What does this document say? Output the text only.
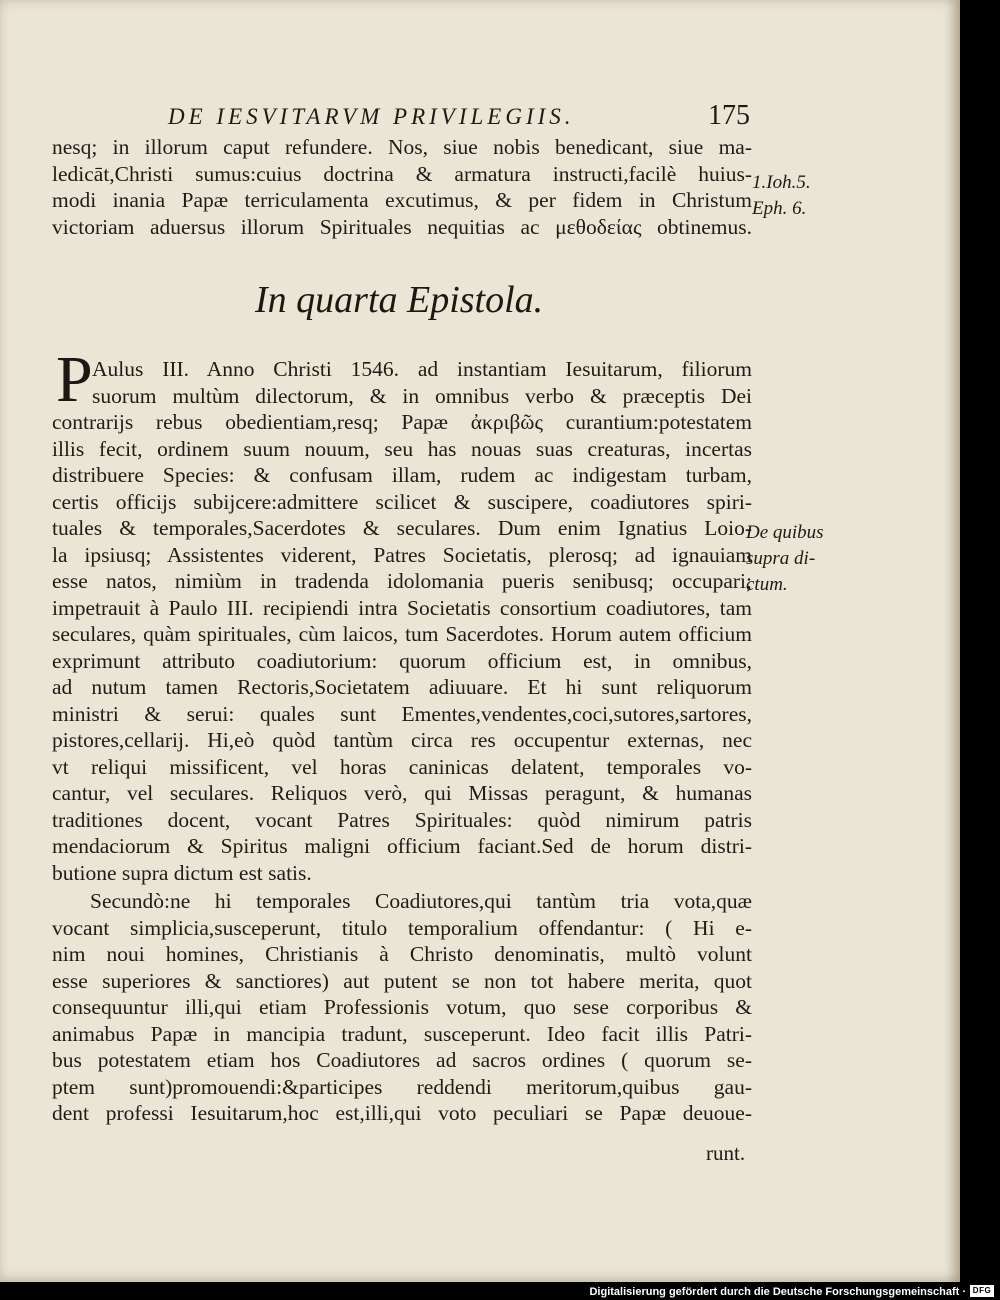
DE IESVITARVM PRIVILEGIIS.	175
nesq; in illorum caput refundere. Nos, siue nobis benedicant, siue ma-
ledicāt,Christi sumus:cuius doctrina & armatura instructi,facilè huius-
modi inania Papæ terriculamenta excutimus, & per fidem in Christum
victoriam aduersus illorum Spirituales nequitias ac μεθοδείας obtinemus.
1.Ioh.5.
Eph. 6.
In quarta Epistola.
P Aulus III. Anno Christi 1546. ad instantiam Iesuitarum, filiorum
suorum multùm dilectorum, & in omnibus verbo & præceptis Dei
contrarijs rebus obedientiam,resq; Papæ ἀκριβῶς curantium:potestatem
illis fecit, ordinem suum nouum, seu has nouas suas creaturas, incertas
distribuere Species: & confusam illam, rudem ac indigestam turbam,
certis officijs subijcere:admittere scilicet & suscipere, coadiutores spiri-
tuales & temporales,Sacerdotes & seculares. Dum enim Ignatius Loio-
la ipsiusq; Assistentes viderent, Patres Societatis, plerosq; ad ignauiam
esse natos, nimiùm in tradenda idolomania pueris senibusq; occupari;
impetrauit à Paulo III. recipiendi intra Societatis consortium coadiutores, tam
seculares, quàm spirituales, cùm laicos, tum Sacerdotes. Horum autem officium
exprimunt attributo coadiutorium: quorum officium est, in omnibus,
ad nutum tamen Rectoris,Societatem adiuuare. Et hi sunt reliquorum
ministri & serui: quales sunt Ementes,vendentes,coci,sutores,sartores,
pistores,cellarij. Hi,eò quòd tantùm circa res occupentur externas, nec
vt reliqui missificent, vel horas caninicas delatent, temporales vo-
cantur, vel seculares. Reliquos verò, qui Missas peragunt, & humanas
traditiones docent, vocant Patres Spirituales: quòd nimirum patris
mendaciorum & Spiritus maligni officium faciant.Sed de horum distri-
butione supra dictum est satis.
De quibus
supra di-
ctum.
Secundò:ne hi temporales Coadiutores,qui tantùm tria vota,quæ
vocant simplicia,susceperunt, titulo temporalium offendantur: ( Hi e-
nim noui homines, Christianis à Christo denominatis, multò volunt
esse superiores & sanctiores) aut putent se non tot habere merita, quot
consequuntur illi,qui etiam Professionis votum, quo sese corporibus &
animabus Papæ in mancipia tradunt, susceperunt. Ideo facit illis Patri-
bus potestatem etiam hos Coadiutores ad sacros ordines ( quorum se-
ptem sunt)promouendi:&participes reddendi meritorum,quibus gau-
dent professi Iesuitarum,hoc est,illi,qui voto peculiari se Papæ deuoue-
runt.
Digitalisierung gefördert durch die Deutsche Forschungsgemeinschaft · DFG
